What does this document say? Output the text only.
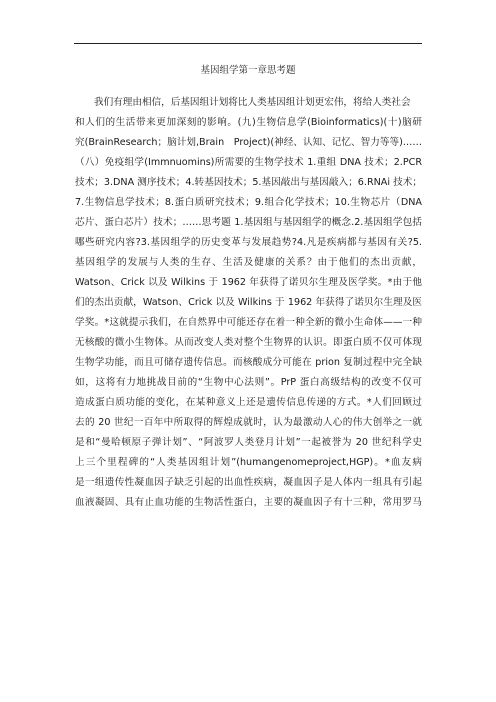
基因组学第一章思考题
我们有理由相信，后基因组计划将比人类基因组计划更宏伟，将给人类社会
和人们的生活带来更加深刻的影响。(九)生物信息学(Bioinformatics)(十)脑研
究(BrainResearch；脑计划,Brain　Project)(神经、认知、记忆、智力等等)……
（八）免疫组学(Immnuomins)所需要的生物学技术 1.重组 DNA 技术；2.PCR
技术；3.DNA 测序技术；4.转基因技术；5.基因敲出与基因敲入；6.RNAi 技术；
7.生物信息学技术；8.蛋白质研究技术；9.组合化学技术；10.生物芯片（DNA
芯片、蛋白芯片）技术；……思考题 1.基因组与基因组学的概念.2.基因组学包括
哪些研究内容?3.基因组学的历史变革与发展趋势?4.凡是疾病都与基因有关?5.
基因组学的发展与人类的生存、生活及健康的关系？由于他们的杰出贡献，
Watson、Crick 以及 Wilkins 于 1962 年获得了诺贝尔生理及医学奖。*由于他
们的杰出贡献，Watson、Crick 以及 Wilkins 于 1962 年获得了诺贝尔生理及医
学奖。*这就提示我们，在自然界中可能还存在着一种全新的微小生命体——一种
无核酸的微小生物体。从而改变人类对整个生物界的认识。即蛋白质不仅可体现
生物学功能，而且可储存遗传信息。而核酸成分可能在 prion 复制过程中完全缺
如，这将有力地挑战目前的“生物中心法则”。PrP 蛋白高级结构的改变不仅可
造成蛋白质功能的变化，在某种意义上还是遗传信息传递的方式。*人们回顾过
去的 20 世纪一百年中所取得的辉煌成就时，认为最激动人心的伟大创举之一就
是和“曼哈顿原子弹计划”、“阿波罗人类登月计划”一起被誉为 20 世纪科学史
上三个里程碑的“人类基因组计划”(humangenomeproject,HGP)。*血友病
是一组遗传性凝血因子缺乏引起的出血性疾病，凝血因子是人体内一组具有引起
血液凝固、具有止血功能的生物活性蛋白，主要的凝血因子有十三种，常用罗马
